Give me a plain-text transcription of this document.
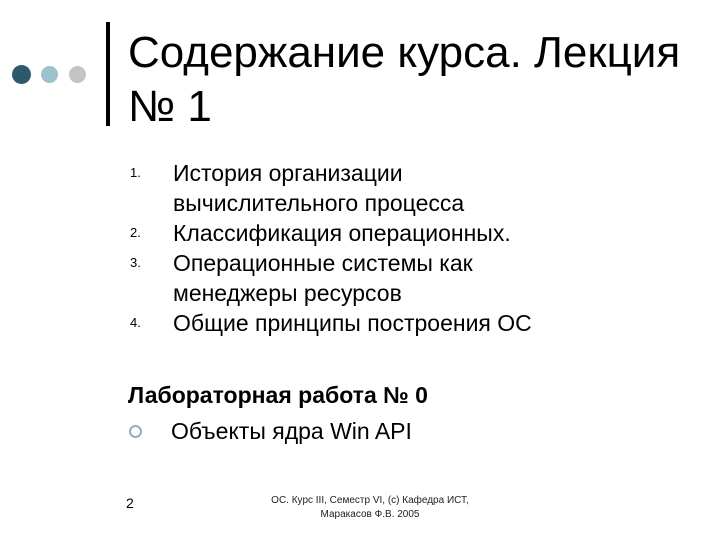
Содержание курса. Лекция
№ 1
1. История организации
вычислительного процесса
2. Классификация операционных.
3. Операционные системы как
менеджеры ресурсов
4. Общие принципы построения ОС
Лабораторная работа № 0
Объекты ядра Win API
2	ОС. Курс III, Семестр VI, (c) Кафедра ИСТ,
Маракасов Ф.В. 2005
